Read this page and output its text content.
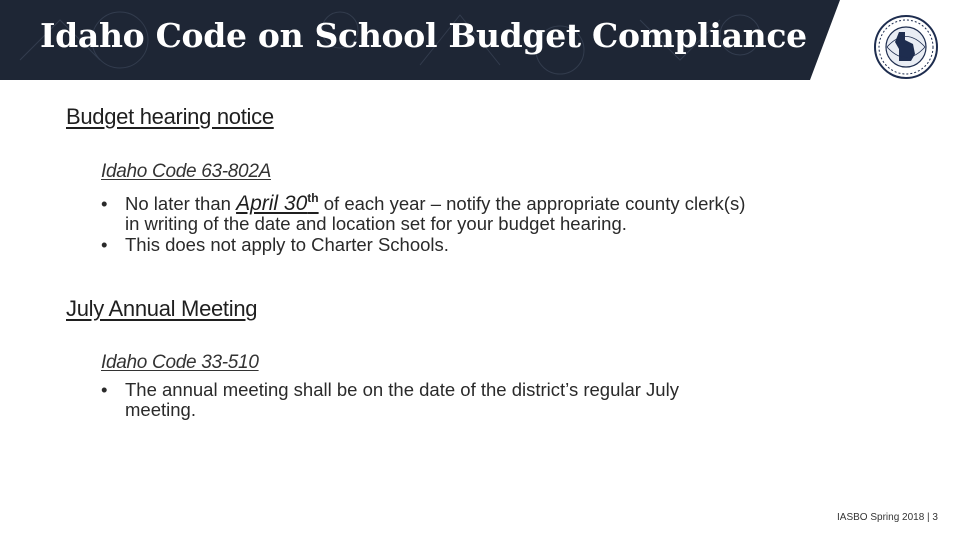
Idaho Code on School Budget Compliance
Budget hearing notice
Idaho Code 63-802A
• No later than April 30th of each year – notify the appropriate county clerk(s)
in writing of the date and location set for your budget hearing.
• This does not apply to Charter Schools.
July Annual Meeting
Idaho Code 33-510
• The annual meeting shall be on the date of the district’s regular July
meeting.
IASBO Spring 2018 | 3
